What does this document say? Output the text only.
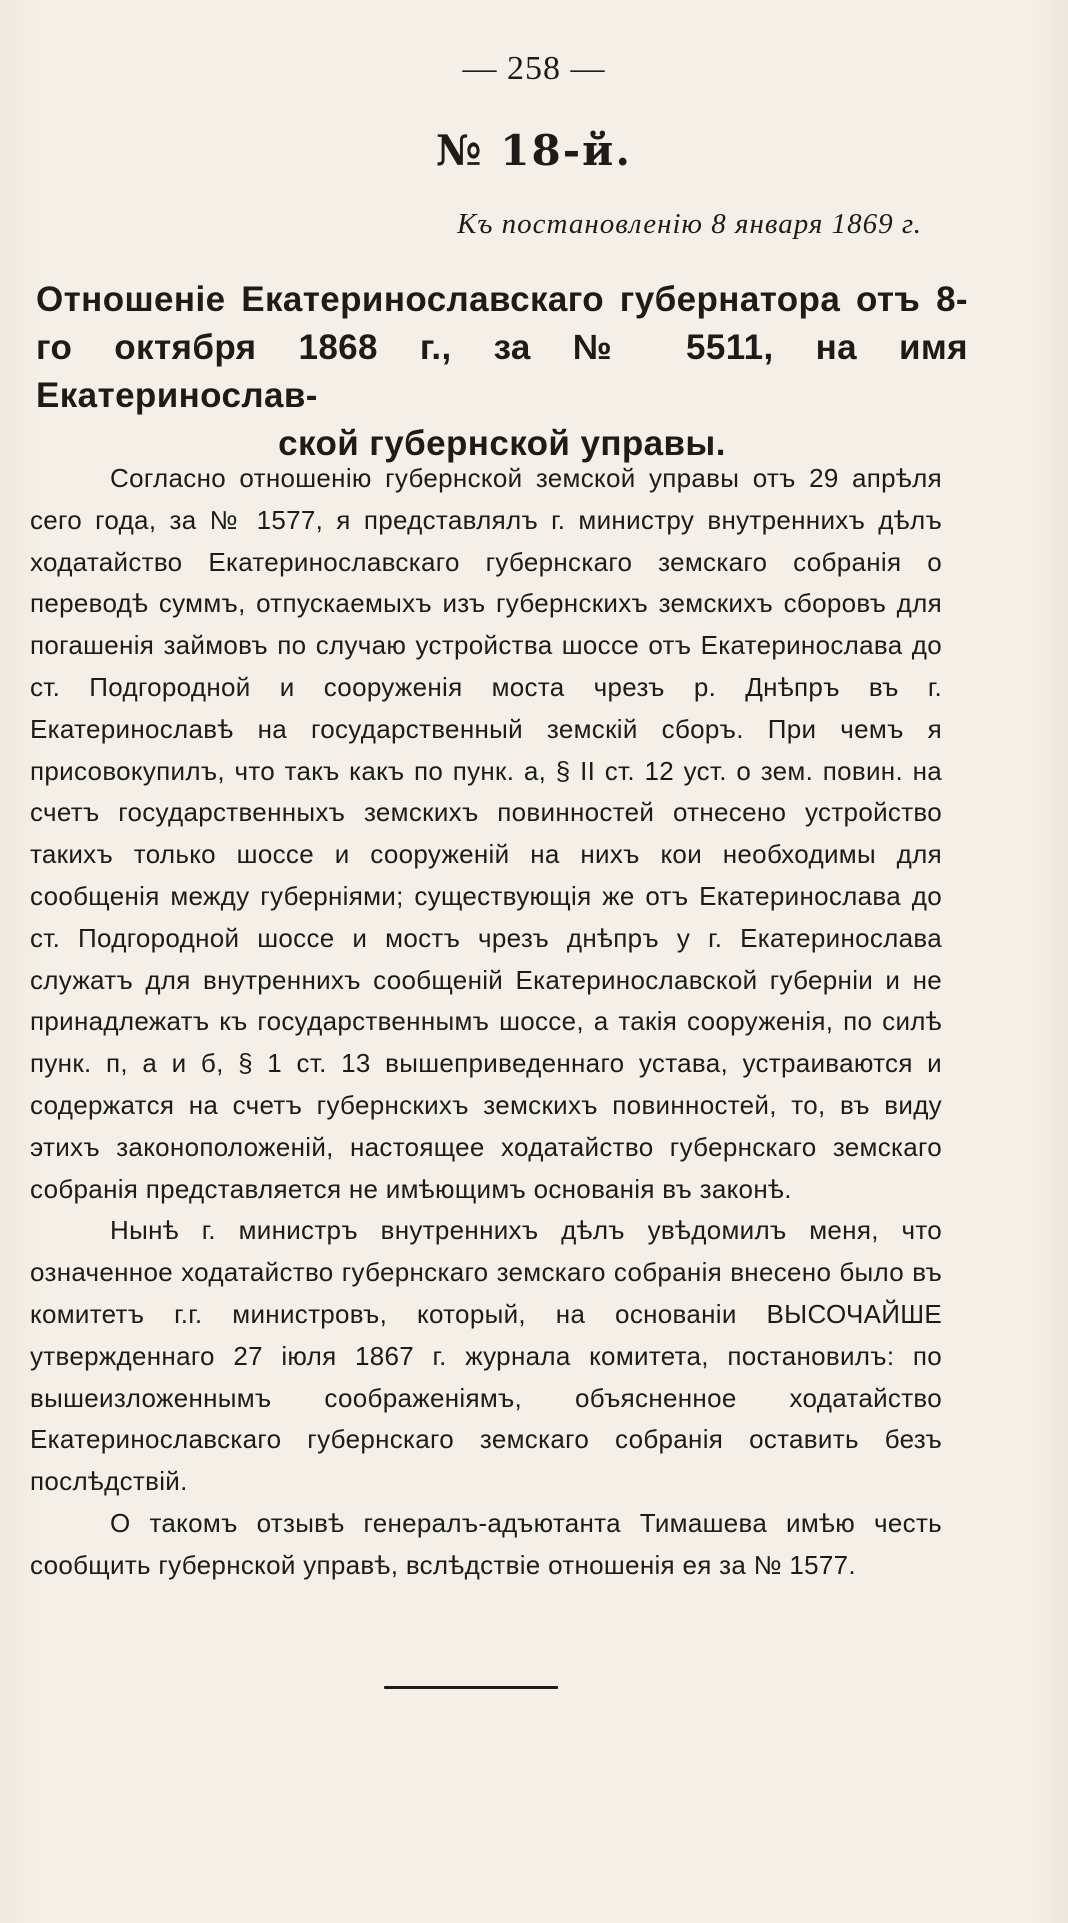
— 258 —
№ 18-й.
Къ постановленію 8 января 1869 г.
Отношеніе Екатеринославскаго губернатора отъ 8-го октября 1868 г., за № 5511, на имя Екатеринослав-
ской губернской управы.

Согласно отношенію губернской земской управы отъ 29 апрѣля сего года, за № 1577, я представлялъ г. министру внутреннихъ дѣлъ ходатайство Екатеринославскаго губернскаго земскаго собранія о переводѣ суммъ, отпускаемыхъ изъ губернскихъ земскихъ сборовъ для погашенія займовъ по случаю устройства шоссе отъ Екатеринослава до ст. Подгородной и сооруженія моста чрезъ р. Днѣпръ въ г. Екатеринославѣ на государственный земскій сборъ. При чемъ я присовокупилъ, что такъ какъ по пунк. а, § II ст. 12 уст. о зем. повин. на счетъ государственныхъ земскихъ повинностей отнесено устройство такихъ только шоссе и сооруженій на нихъ кои необходимы для сообщенія между губерніями; существующія же отъ Екатеринослава до ст. Подгородной шоссе и мостъ чрезъ днѣпръ у г. Екатеринослава служатъ для внутреннихъ сообщеній Екатеринославской губерніи и не принадлежатъ къ государственнымъ шоссе, а такія сооруженія, по силѣ пунк. п, а и б, § 1 ст. 13 вышеприведеннаго устава, устраиваются и содержатся на счетъ губернскихъ земскихъ повинностей, то, въ виду этихъ законоположеній, настоящее ходатайство губернскаго земскаго собранія представляется не имѣющимъ основанія въ законѣ.

Нынѣ г. министръ внутреннихъ дѣлъ увѣдомилъ меня, что означенное ходатайство губернскаго земскаго собранія внесено было въ комитетъ г.г. министровъ, который, на основаніи ВЫСОЧАЙШЕ утвержденнаго 27 іюля 1867 г. журнала комитета, постановилъ: по вышеизложеннымъ соображеніямъ, объясненное ходатайство Екатеринославскаго губернскаго земскаго собранія оставить безъ послѣдствій.

О такомъ отзывѣ генералъ-адъютанта Тимашева имѣю честь сообщить губернской управѣ, вслѣдствіе отношенія ея за № 1577.
